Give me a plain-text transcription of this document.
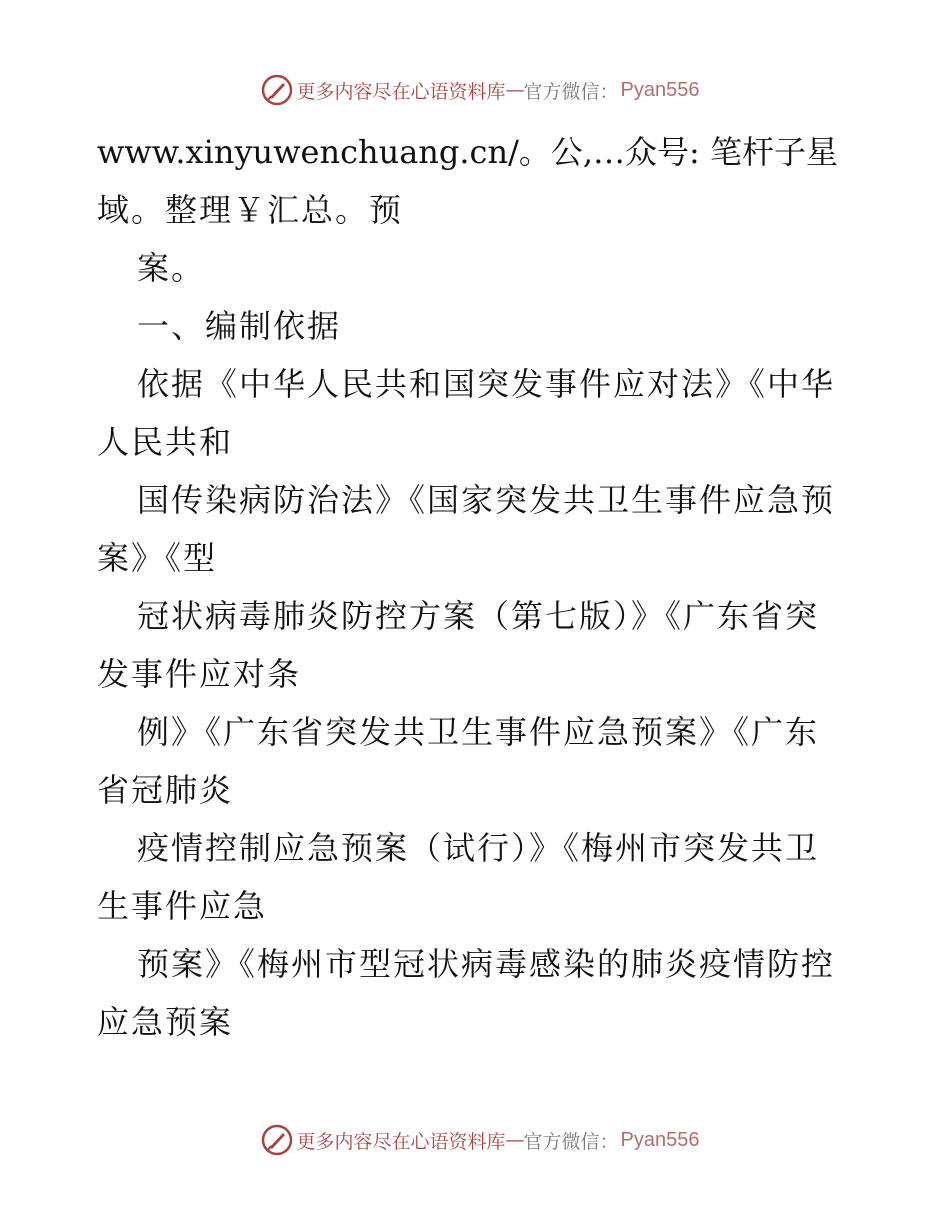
更多内容尽在心语资料库 — 官方微信： Pyan556
www.xinyuwenchuang.cn/。公,…众号: 笔杆子星
域。整理￥汇总。预
案。
一、编制依据
依据《中华人民共和国突发事件应对法》《中华
人民共和
国传染病防治法》《国家突发共卫生事件应急预
案》《型
冠状病毒肺炎防控方案（第七版）》《广东省突
发事件应对条
例》《广东省突发共卫生事件应急预案》《广东
省冠肺炎
疫情控制应急预案（试行）》《梅州市突发共卫
生事件应急
预案》《梅州市型冠状病毒感染的肺炎疫情防控
应急预案
更多内容尽在心语资料库 — 官方微信： Pyan556
